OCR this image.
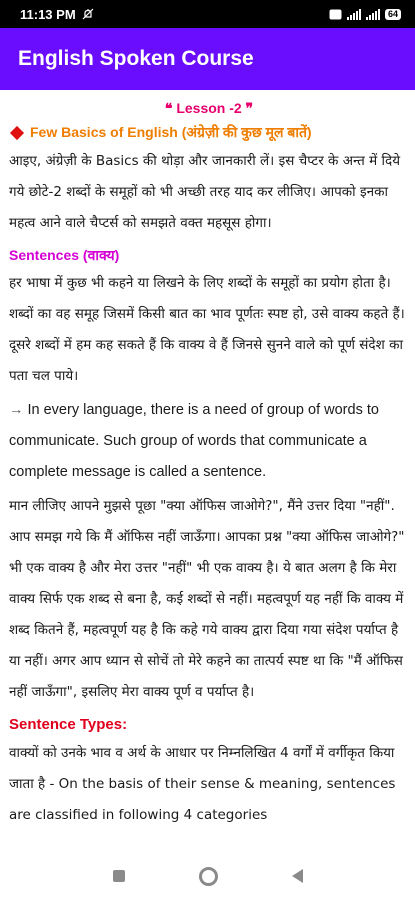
11:13 PM	64
English Spoken Course
❝ Lesson -2 ❞
Few Basics of English (अंग्रेज़ी की कुछ मूल बातें)

आइए, अंग्रेज़ी के Basics की थोड़ा और जानकारी लें। इस चैप्टर के अन्त में दिये गये छोटे-2 शब्दों के समूहों को भी अच्छी तरह याद कर लीजिए। आपको इनका महत्व आने वाले चैप्टर्स को समझते वक्त महसूस होगा।

Sentences (वाक्य)

हर भाषा में कुछ भी कहने या लिखने के लिए शब्दों के समूहों का प्रयोग होता है। शब्दों का वह समूह जिसमें किसी बात का भाव पूर्णतः स्पष्ट हो, उसे वाक्य कहते हैं। दूसरे शब्दों में हम कह सकते हैं कि वाक्य वे हैं जिनसे सुनने वाले को पूर्ण संदेश का पता चल पाये।

→ In every language, there is a need of group of words to communicate. Such group of words that communicate a complete message is called a sentence.

मान लीजिए आपने मुझसे पूछा "क्या ऑफिस जाओगे?", मैंने उत्तर दिया "नहीं". आप समझ गये कि मैं ऑफिस नहीं जाऊँगा। आपका प्रश्न "क्या ऑफिस जाओगे?" भी एक वाक्य है और मेरा उत्तर "नहीं" भी एक वाक्य है। ये बात अलग है कि मेरा वाक्य सिर्फ एक शब्द से बना है, कई शब्दों से नहीं। महत्वपूर्ण यह नहीं कि वाक्य में शब्द कितने हैं, महत्वपूर्ण यह है कि कहे गये वाक्य द्वारा दिया गया संदेश पर्याप्त है या नहीं। अगर आप ध्यान से सोचें तो मेरे कहने का तात्पर्य स्पष्ट था कि "मैं ऑफिस नहीं जाऊँगा", इसलिए मेरा वाक्य पूर्ण व पर्याप्त है।

Sentence Types:

वाक्यों को उनके भाव व अर्थ के आधार पर निम्नलिखित 4 वर्गों में वर्गीकृत किया जाता है - On the basis of their sense & meaning, sentences are classified in following 4 categories
